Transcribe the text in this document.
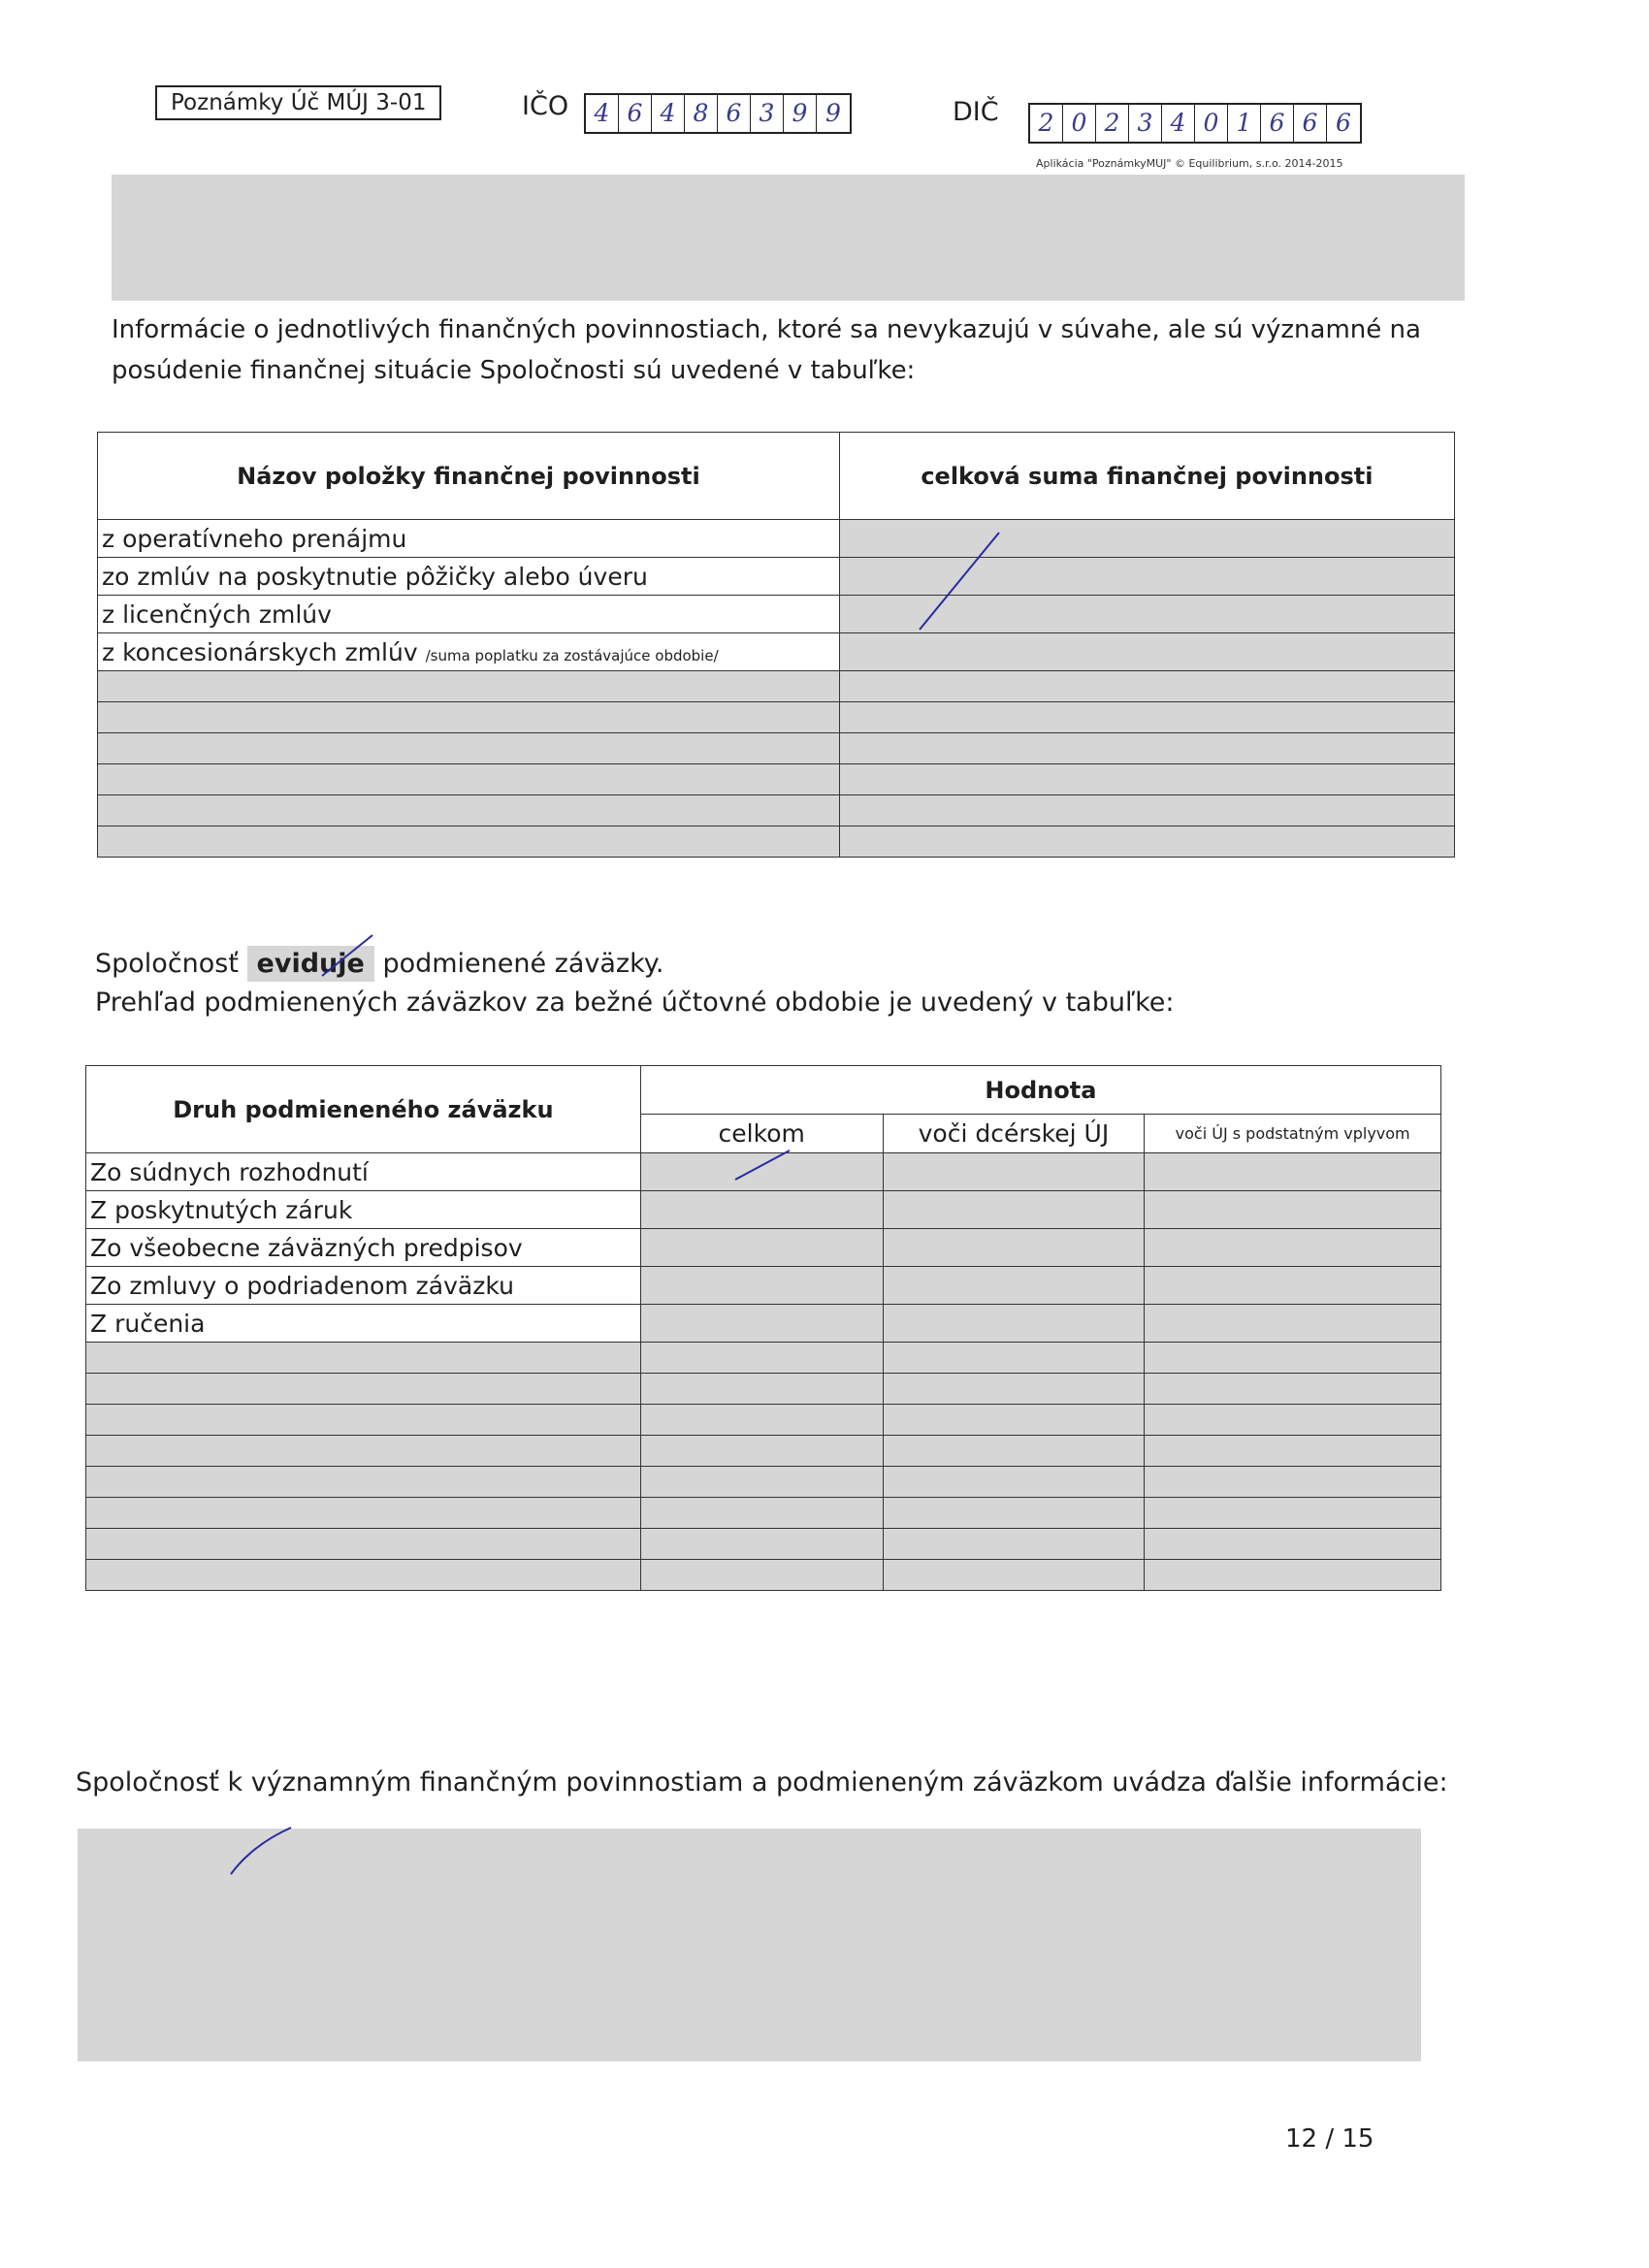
Poznámky Úč MÚJ 3-01	IČO	4 6 4 8 6 3 9 9	DIČ	2 0 2 3 4 0 1 6 6 6
Aplikácia "PoznámkyMUJ" © Equilibrium, s.r.o. 2014-2015
Informácie o jednotlivých finančných povinnostiach, ktoré sa nevykazujú v súvahe, ale sú významné na
posúdenie finančnej situácie Spoločnosti sú uvedené v tabuľke:
Názov položky finančnej povinnosti	celková suma finančnej povinnosti
z operatívneho prenájmu	
zo zmlúv na poskytnutie pôžičky alebo úveru	
z licenčných zmlúv	
z koncesionárskych zmlúv /suma poplatku za zostávajúce obdobie/	

Spoločnosť eviduje podmienené záväzky.
Prehľad podmienených záväzkov za bežné účtovné obdobie je uvedený v tabuľke:
Druh podmieneného záväzku	Hodnota		
	celkom	voči dcérskej ÚJ	voči ÚJ s podstatným vplyvom
Zo súdnych rozhodnutí			
Z poskytnutých záruk			
Zo všeobecne záväzných predpisov			
Zo zmluvy o podriadenom záväzku			
Z ručenia			

Spoločnosť k významným finančným povinnostiam a podmieneným záväzkom uvádza ďalšie informácie:
12 / 15
